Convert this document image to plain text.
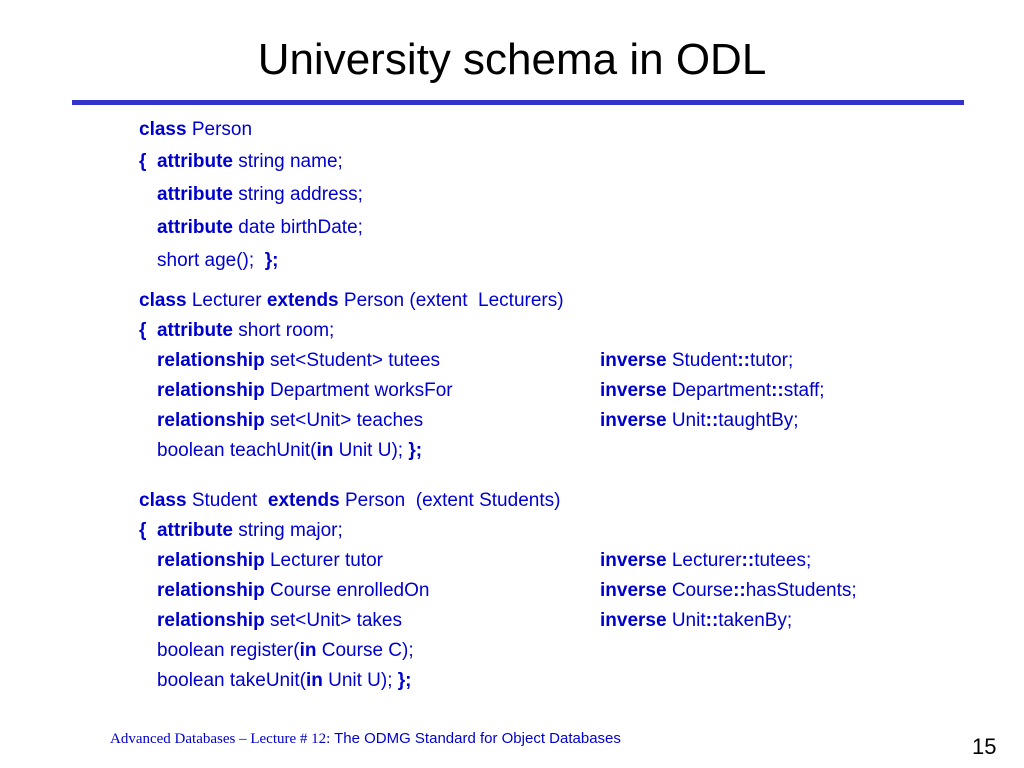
University schema in ODL
class Person
{ attribute string name;
attribute string address;
attribute date birthDate;
short age();  };
class Lecturer extends Person (extent  Lecturers)
{ attribute short room;
relationship set<Student> tutees	inverse Student::tutor;
relationship Department worksFor	inverse Department::staff;
relationship set<Unit> teaches	inverse Unit::taughtBy;
boolean teachUnit(in Unit U); };
class Student  extends Person  (extent Students)
{ attribute string major;
relationship Lecturer tutor	inverse Lecturer::tutees;
relationship Course enrolledOn	inverse Course::hasStudents;
relationship set<Unit> takes	inverse Unit::takenBy;
boolean register(in Course C);
boolean takeUnit(in Unit U); };
Advanced Databases – Lecture # 12: The ODMG Standard for Object Databases	15
